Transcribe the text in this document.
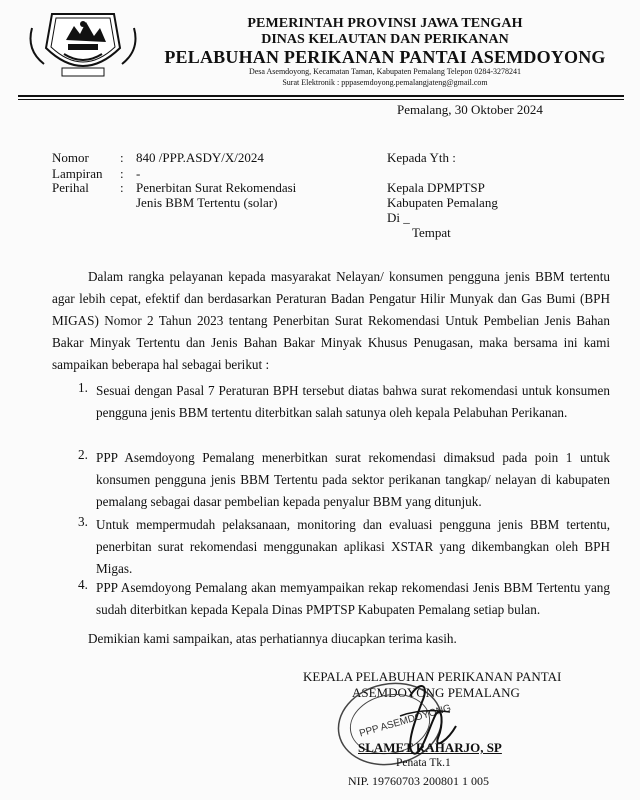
PEMERINTAH PROVINSI JAWA TENGAH
DINAS KELAUTAN DAN PERIKANAN
PELABUHAN PERIKANAN PANTAI ASEMDOYONG
Desa Asemdoyong, Kecamatan Taman, Kabupaten Pemalang Telepon 0284-3278241
Surat Elektronik : pppasemdoyong.pemalangjateng@gmail.com
Pemalang, 30 Oktober 2024
Nomor : 840 /PPP.ASDY/X/2024
Lampiran : -
Perihal : Penerbitan Surat Rekomendasi
Jenis BBM Tertentu (solar)
Kepada Yth :
Kepala DPMPTSP
Kabupaten Pemalang
Di _
Tempat
Dalam rangka pelayanan kepada masyarakat Nelayan/ konsumen pengguna jenis BBM tertentu agar lebih cepat, efektif dan berdasarkan Peraturan Badan Pengatur Hilir Munyak dan Gas Bumi (BPH MIGAS) Nomor 2 Tahun 2023 tentang Penerbitan Surat Rekomendasi Untuk Pembelian Jenis Bahan Bakar Minyak Tertentu dan Jenis Bahan Bakar Minyak Khusus Penugasan, maka bersama ini kami sampaikan beberapa hal sebagai berikut :
1. Sesuai dengan Pasal 7 Peraturan BPH tersebut diatas bahwa surat rekomendasi untuk konsumen pengguna jenis BBM tertentu diterbitkan salah satunya oleh kepala Pelabuhan Perikanan.
2. PPP Asemdoyong Pemalang menerbitkan surat rekomendasi dimaksud pada poin 1 untuk konsumen pengguna jenis BBM Tertentu pada sektor perikanan tangkap/ nelayan di kabupaten pemalang sebagai dasar pembelian kepada penyalur BBM yang ditunjuk.
3. Untuk mempermudah pelaksanaan, monitoring dan evaluasi pengguna jenis BBM tertentu, penerbitan surat rekomendasi menggunakan aplikasi XSTAR yang dikembangkan oleh BPH Migas.
4. PPP Asemdoyong Pemalang akan memyampaikan rekap rekomendasi Jenis BBM Tertentu yang sudah diterbitkan kepada Kepala Dinas PMPTSP Kabupaten Pemalang setiap bulan.
Demikian kami sampaikan, atas perhatiannya diucapkan terima kasih.
KEPALA PELABUHAN PERIKANAN PANTAI
ASEMDOYONG PEMALANG
PPP ASEMDOYONG
SLAMET RAHARJO, SP
Penata Tk.1
NIP. 19760703 200801 1 005
